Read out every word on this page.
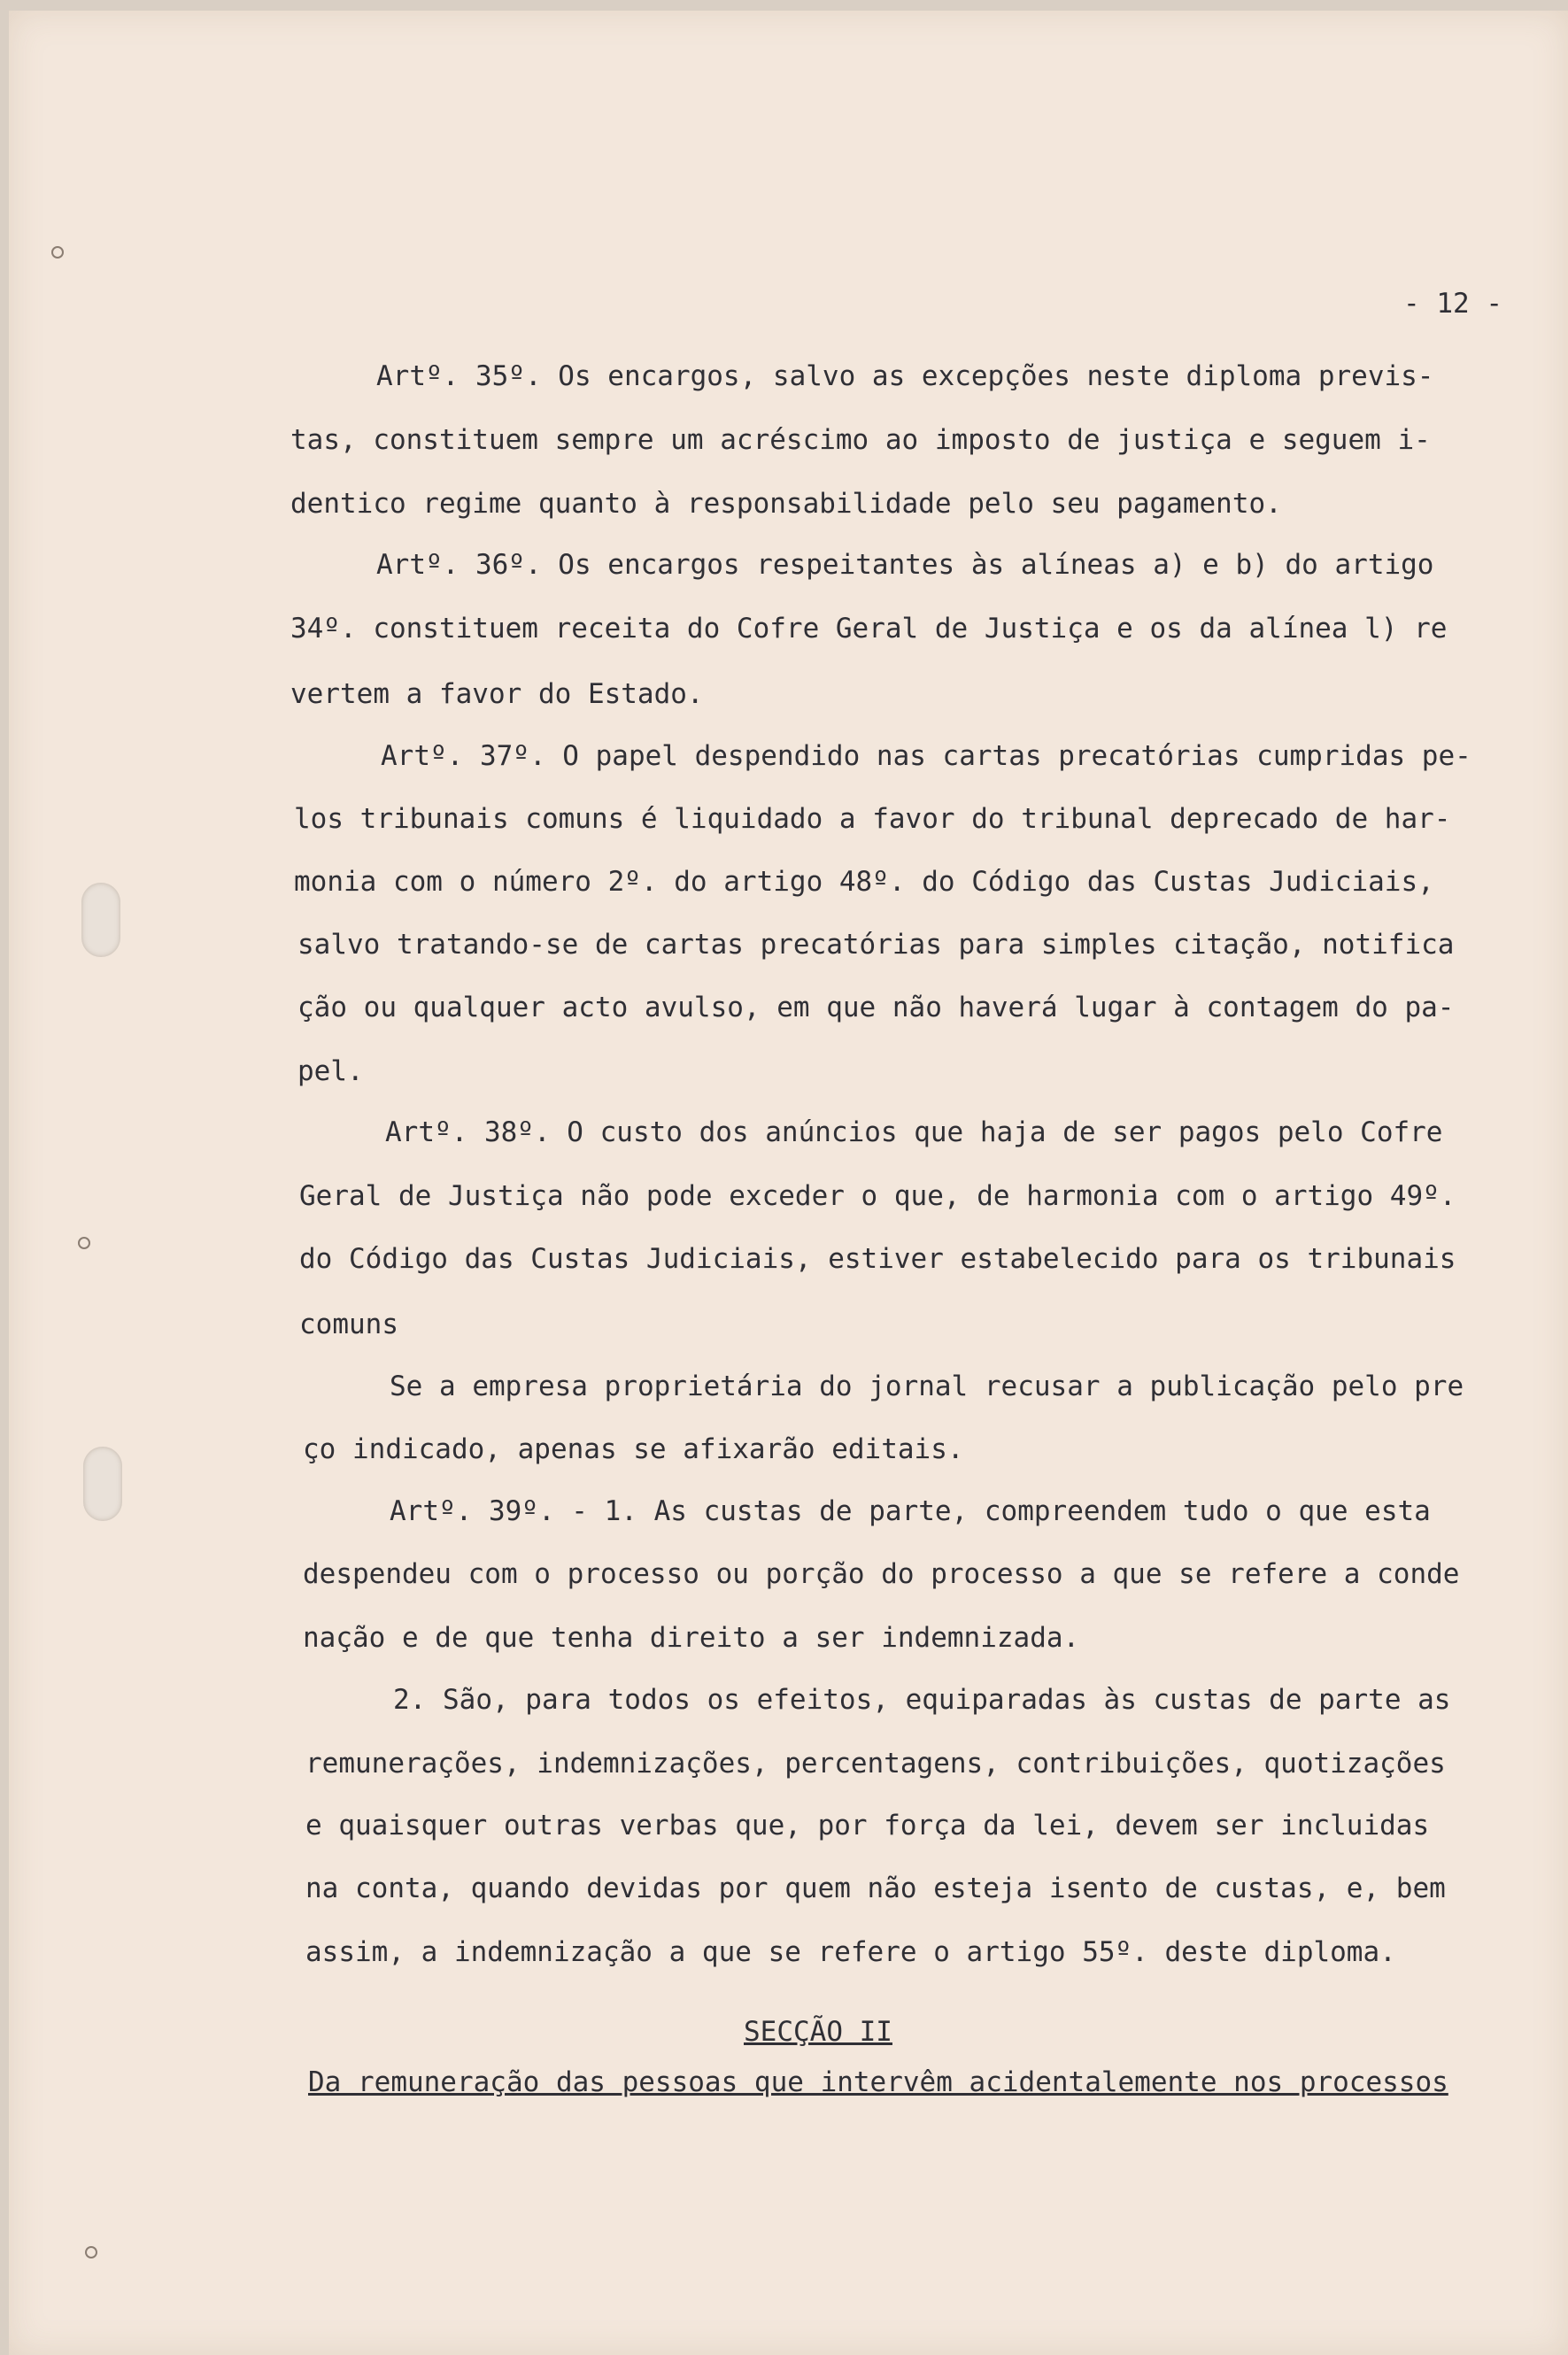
- 12 -

Artº. 35º. Os encargos, salvo as excepções neste diploma previs-

tas, constituem sempre um acréscimo ao imposto de justiça e seguem i-

dentico regime quanto à responsabilidade pelo seu pagamento.

Artº. 36º. Os encargos respeitantes às alíneas a) e b) do artigo

34º. constituem receita do Cofre Geral de Justiça e os da alínea l) re

vertem a favor do Estado.

Artº. 37º. O papel despendido nas cartas precatórias cumpridas pe-

los tribunais comuns é liquidado a favor do tribunal deprecado de har-

monia com o número 2º. do artigo 48º. do Código das Custas Judiciais,

salvo tratando-se de cartas precatórias para simples citação, notifica

ção ou qualquer acto avulso, em que não haverá lugar à contagem do pa-

pel.

Artº. 38º. O custo dos anúncios que haja de ser pagos pelo Cofre

Geral de Justiça não pode exceder o que, de harmonia com o artigo 49º.

do Código das Custas Judiciais, estiver estabelecido para os tribunais

comuns

Se a empresa proprietária do jornal recusar a publicação pelo pre

ço indicado, apenas se afixarão editais.

Artº. 39º. - 1. As custas de parte, compreendem tudo o que esta

despendeu com o processo ou porção do processo a que se refere a conde

nação e de que tenha direito a ser indemnizada.

2. São, para todos os efeitos, equiparadas às custas de parte as

remunerações, indemnizações, percentagens, contribuições, quotizações

e quaisquer outras verbas que, por força da lei, devem ser incluidas

na conta, quando devidas por quem não esteja isento de custas, e, bem

assim, a indemnização a que se refere o artigo 55º. deste diploma.

SECÇÃO II

Da remuneração das pessoas que intervêm acidentalemente nos processos
